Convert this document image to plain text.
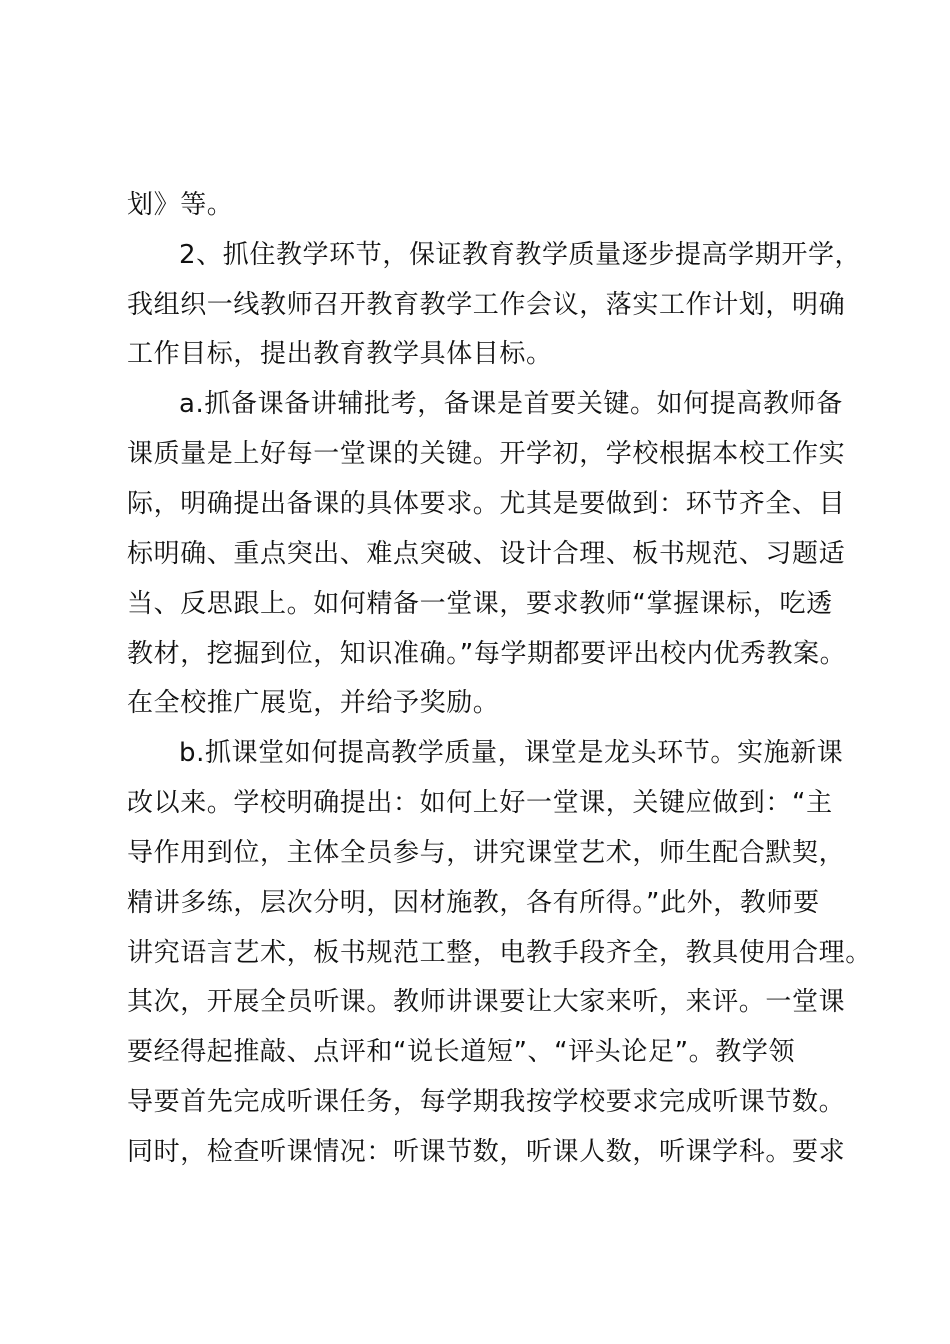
划》等。
2、抓住教学环节，保证教育教学质量逐步提高学期开学，
我组织一线教师召开教育教学工作会议，落实工作计划，明确
工作目标，提出教育教学具体目标。
a.抓备课备讲辅批考，备课是首要关键。如何提高教师备
课质量是上好每一堂课的关键。开学初，学校根据本校工作实
际，明确提出备课的具体要求。尤其是要做到：环节齐全、目
标明确、重点突出、难点突破、设计合理、板书规范、习题适
当、反思跟上。如何精备一堂课，要求教师“掌握课标，吃透
教材，挖掘到位，知识准确。”每学期都要评出校内优秀教案。
在全校推广展览，并给予奖励。
b.抓课堂如何提高教学质量，课堂是龙头环节。实施新课
改以来。学校明确提出：如何上好一堂课，关键应做到：“主
导作用到位，主体全员参与，讲究课堂艺术，师生配合默契，
精讲多练，层次分明，因材施教，各有所得。”此外，教师要
讲究语言艺术，板书规范工整，电教手段齐全，教具使用合理。
其次，开展全员听课。教师讲课要让大家来听，来评。一堂课
要经得起推敲、点评和“说长道短”、“评头论足”。教学领
导要首先完成听课任务，每学期我按学校要求完成听课节数。
同时，检查听课情况：听课节数，听课人数，听课学科。要求
